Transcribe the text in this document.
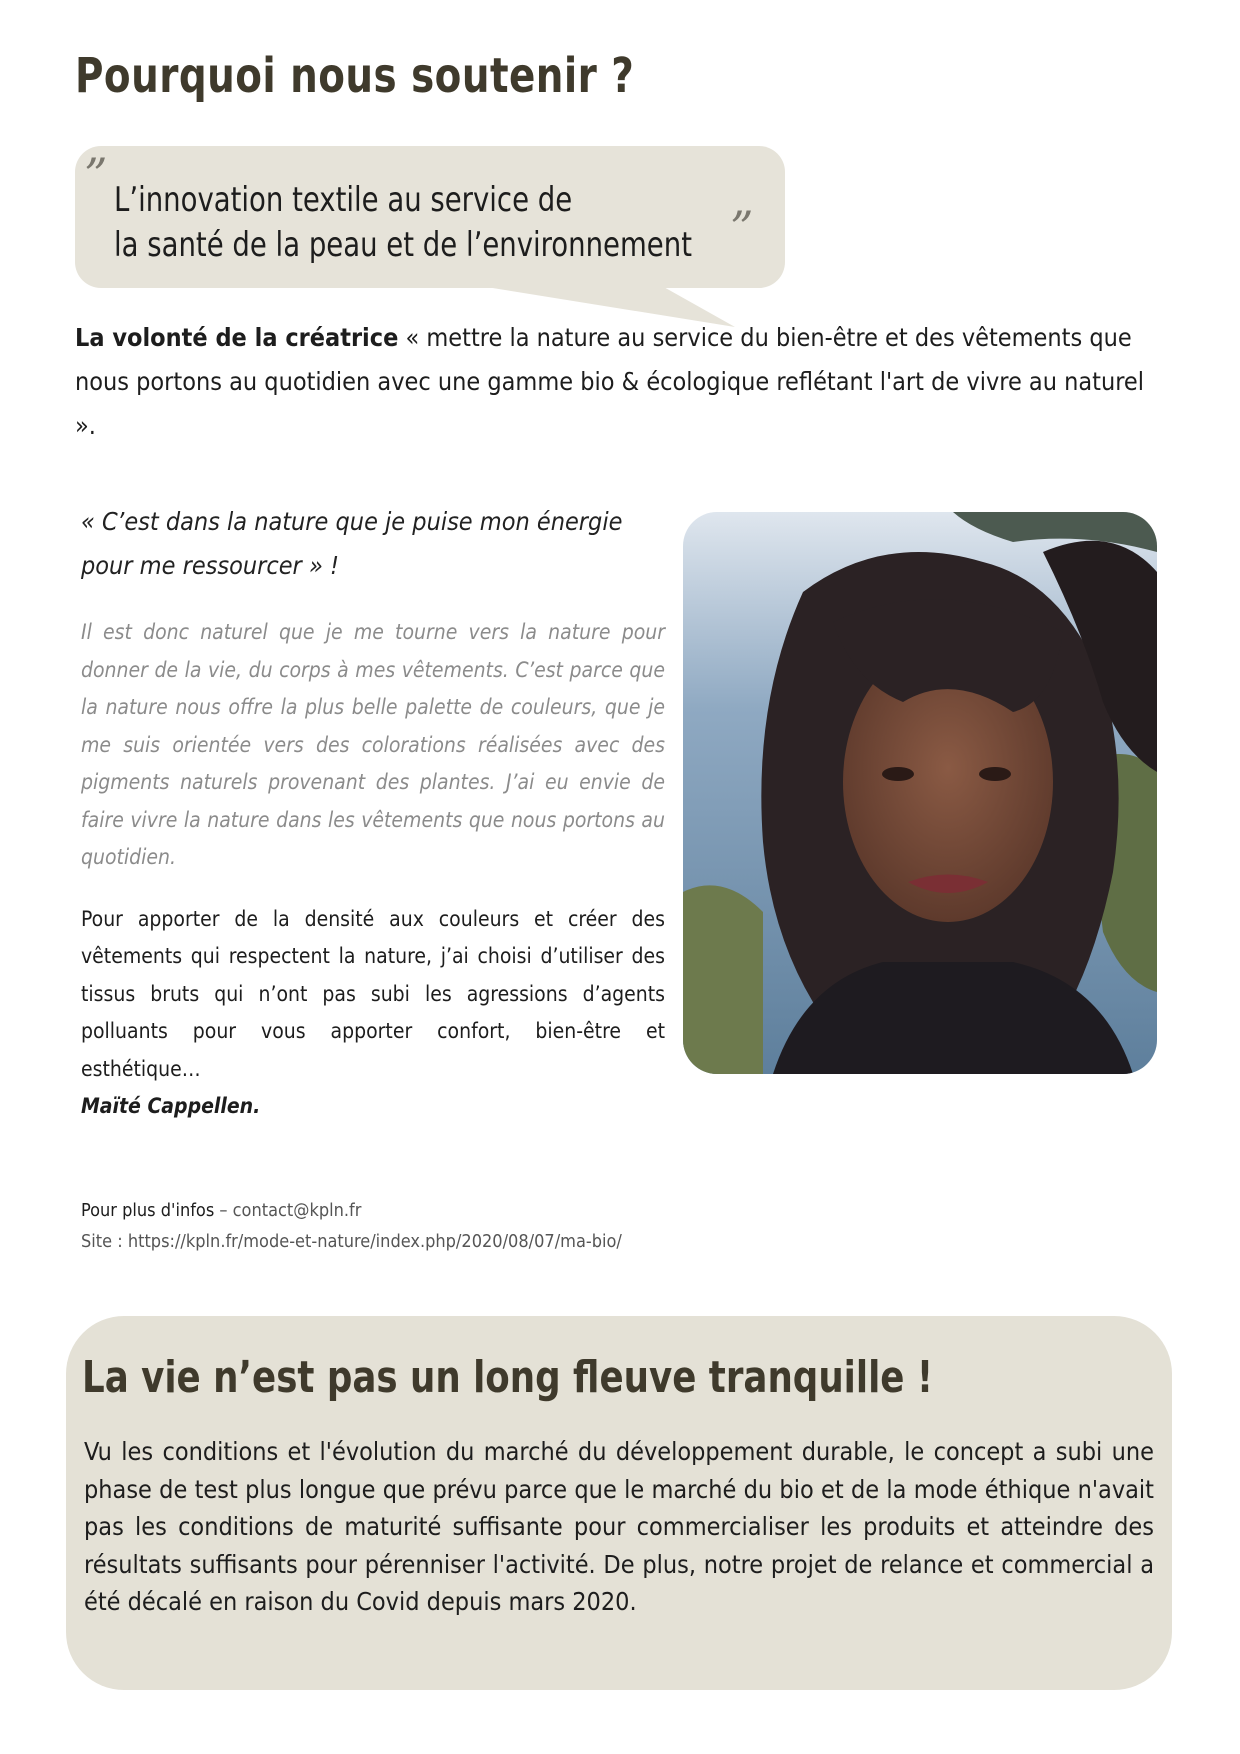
Pourquoi nous soutenir ?
” L’innovation textile au service de
la santé de la peau et de l’environnement ”

La volonté de la créatrice « mettre la nature au service du bien-être et des vêtements que nous portons au quotidien avec une gamme bio & écologique reflétant l'art de vivre au naturel ».

« C’est dans la nature que je puise mon énergie pour me ressourcer » !

Il est donc naturel que je me tourne vers la nature pour donner de la vie, du corps à mes vêtements. C’est parce que la nature nous offre la plus belle palette de couleurs, que je me suis orientée vers des colorations réalisées avec des pigments naturels provenant des plantes. J’ai eu envie de faire vivre la nature dans les vêtements que nous portons au quotidien.

Pour apporter de la densité aux couleurs et créer des vêtements qui respectent la nature, j’ai choisi d’utiliser des tissus bruts qui n’ont pas subi les agressions d’agents polluants pour vous apporter confort, bien-être et esthétique…

Maïté Cappellen.

Pour plus d'infos – contact@kpln.fr
Site : https://kpln.fr/mode-et-nature/index.php/2020/08/07/ma-bio/

La vie n’est pas un long fleuve tranquille !

Vu les conditions et l'évolution du marché du développement durable, le concept a subi une phase de test plus longue que prévu parce que le marché du bio et de la mode éthique n'avait pas les conditions de maturité suffisante pour commercialiser les produits et atteindre des résultats suffisants pour pérenniser l'activité. De plus, notre projet de relance et commercial a été décalé en raison du Covid depuis mars 2020.
